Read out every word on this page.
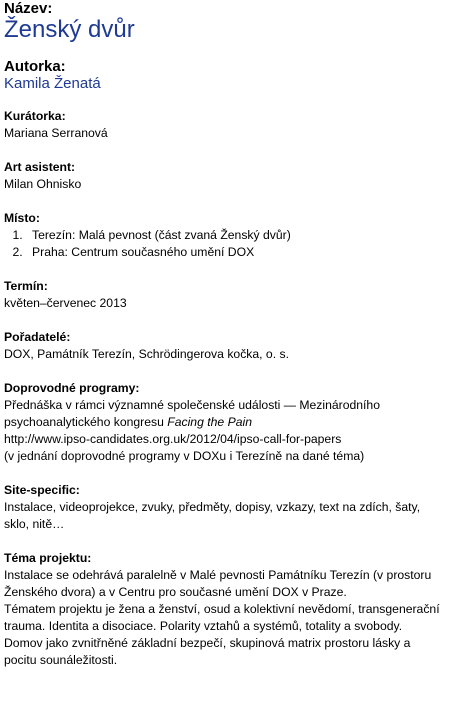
Název:
Ženský dvůr
Autorka:
Kamila Ženatá
Kurátorka:
Mariana Serranová
Art asistent:
Milan Ohnisko
Místo:
1. Terezín: Malá pevnost (část zvaná Ženský dvůr)
2. Praha: Centrum současného umění DOX
Termín:
květen–červenec 2013
Pořadatelé:
DOX, Památník Terezín, Schrödingerova kočka, o. s.
Doprovodné programy:
Přednáška v rámci významné společenské události — Mezinárodního
psychoanalytického kongresu Facing the Pain
http://www.ipso-candidates.org.uk/2012/04/ipso-call-for-papers
(v jednání doprovodné programy v DOXu i Terezíně na dané téma)
Site-specific:
Instalace, videoprojekce, zvuky, předměty, dopisy, vzkazy, text na zdích, šaty,
sklo, nitě…
Téma projektu:
Instalace se odehrává paralelně v Malé pevnosti Památníku Terezín (v prostoru
Ženského dvora) a v Centru pro současné umění DOX v Praze.
Tématem projektu je žena a ženství, osud a kolektivní nevědomí, transgenerační
trauma. Identita a disociace. Polarity vztahů a systémů, totality a svobody.
Domov jako zvnitřněné základní bezpečí, skupinová matrix prostoru lásky a
pocitu sounáležitosti.
